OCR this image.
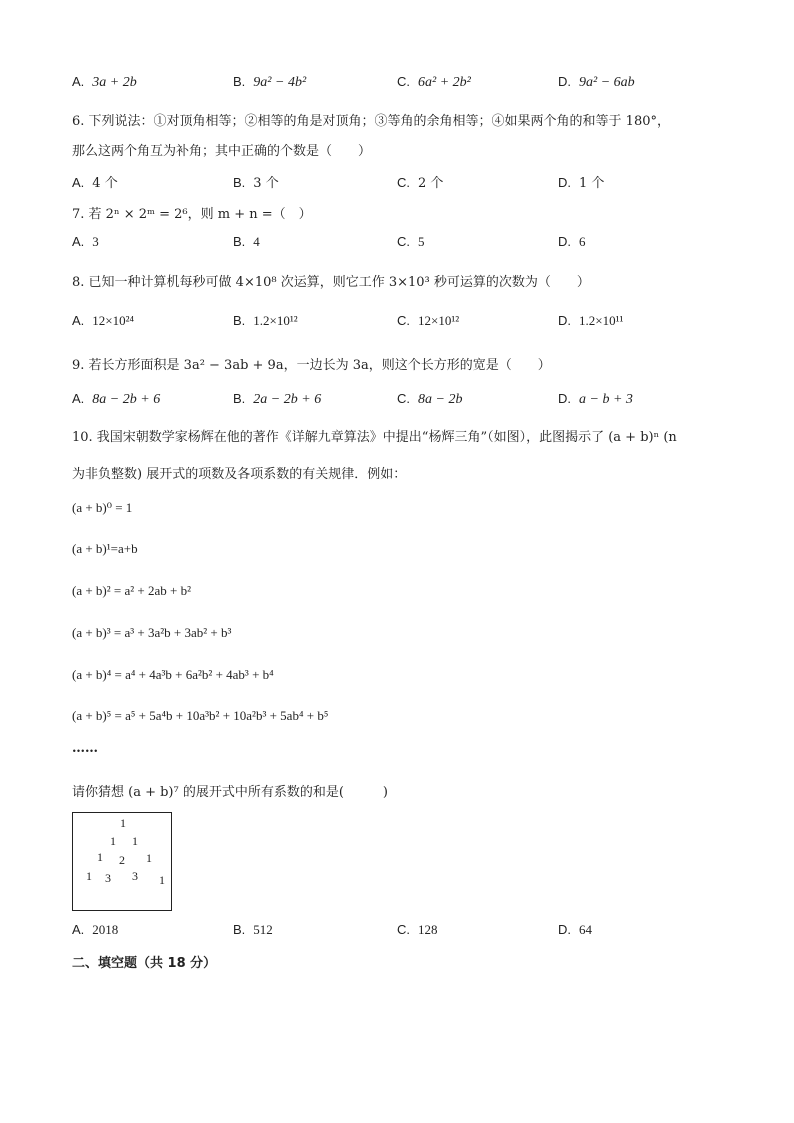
A. 3a + 2b	B. 9a² − 4b²	C. 6a² + 2b²	D. 9a² − 6ab
6. 下列说法：①对顶角相等；②相等的角是对顶角；③等角的余角相等；④如果两个角的和等于 180°，
那么这两个角互为补角；其中正确的个数是（　　）
A. 4 个	B. 3 个	C. 2 个	D. 1 个
7. 若 2ⁿ × 2ᵐ = 2⁶，则 m + n =（　）
A. 3	B. 4	C. 5	D. 6
8. 已知一种计算机每秒可做 4×10⁸ 次运算，则它工作 3×10³ 秒可运算的次数为（　　）
A. 12×10²⁴	B. 1.2×10¹²	C. 12×10¹²	D. 1.2×10¹¹
9. 若长方形面积是 3a² − 3ab + 9a，一边长为 3a，则这个长方形的宽是（　　）
A. 8a − 2b + 6	B. 2a − 2b + 6	C. 8a − 2b	D. a − b + 3
10. 我国宋朝数学家杨辉在他的著作《详解九章算法》中提出“杨辉三角”（如图），此图揭示了 (a + b)ⁿ (n
为非负整数) 展开式的项数及各项系数的有关规律．例如：
(a + b)⁰ = 1
(a + b)¹=a+b
(a + b)² = a² + 2ab + b²
(a + b)³ = a³ + 3a²b + 3ab² + b³
(a + b)⁴ = a⁴ + 4a³b + 6a²b² + 4ab³ + b⁴
(a + b)⁵ = a⁵ + 5a⁴b + 10a³b² + 10a²b³ + 5ab⁴ + b⁵
……
请你猜想 (a + b)⁷ 的展开式中所有系数的和是(　　　)
1
1 1
1 2 1
1 3 3 1
A. 2018	B. 512	C. 128	D. 64
二、填空题（共 18 分）
